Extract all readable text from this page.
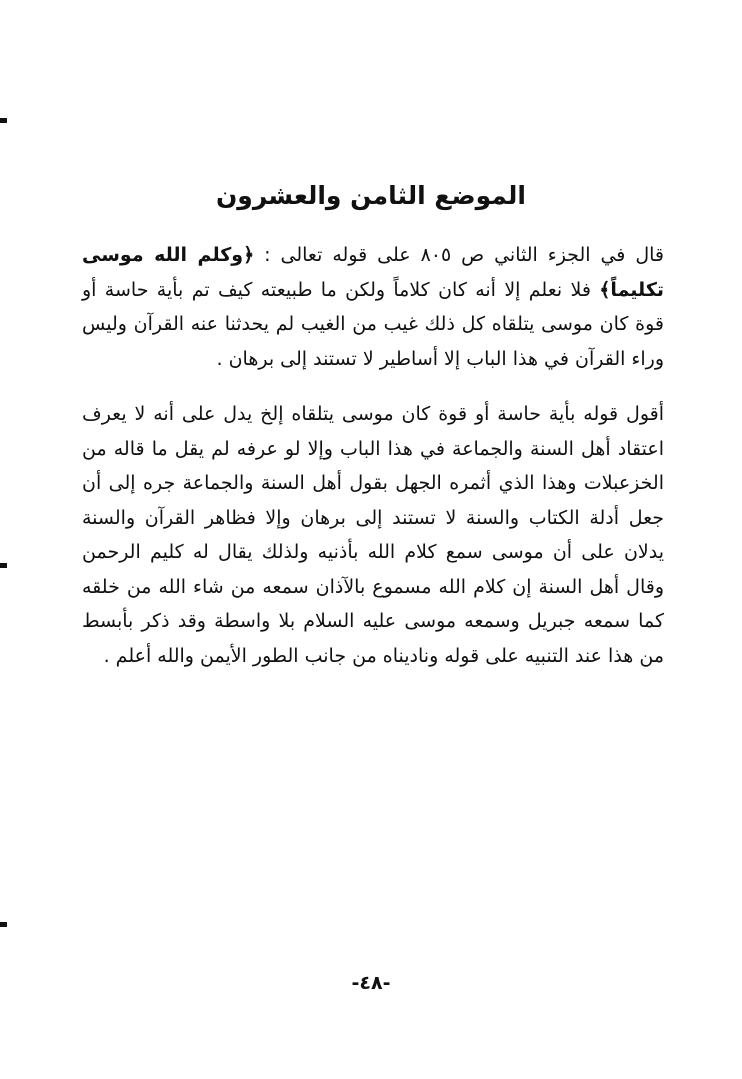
الموضع الثامن والعشرون

قال في الجزء الثاني ص ٨٠٥ على قوله تعالى : ﴿وكلم الله موسى تكليماً﴾ فلا نعلم إلا أنه كان كلاماً ولكن ما طبيعته كيف تم بأية حاسة أو قوة كان موسى يتلقاه كل ذلك غيب من الغيب لم يحدثنا عنه القرآن وليس وراء القرآن في هذا الباب إلا أساطير لا تستند إلى برهان .

أقول قوله بأية حاسة أو قوة كان موسى يتلقاه إلخ يدل على أنه لا يعرف اعتقاد أهل السنة والجماعة في هذا الباب وإلا لو عرفه لم يقل ما قاله من الخزعبلات وهذا الذي أثمره الجهل بقول أهل السنة والجماعة جره إلى أن جعل أدلة الكتاب والسنة لا تستند إلى برهان وإلا فظاهر القرآن والسنة يدلان على أن موسى سمع كلام الله بأذنيه ولذلك يقال له كليم الرحمن وقال أهل السنة إن كلام الله مسموع بالآذان سمعه من شاء الله من خلقه كما سمعه جبريل وسمعه موسى عليه السلام بلا واسطة وقد ذكر بأبسط من هذا عند التنبيه على قوله وناديناه من جانب الطور الأيمن والله أعلم .

-٤٨-
